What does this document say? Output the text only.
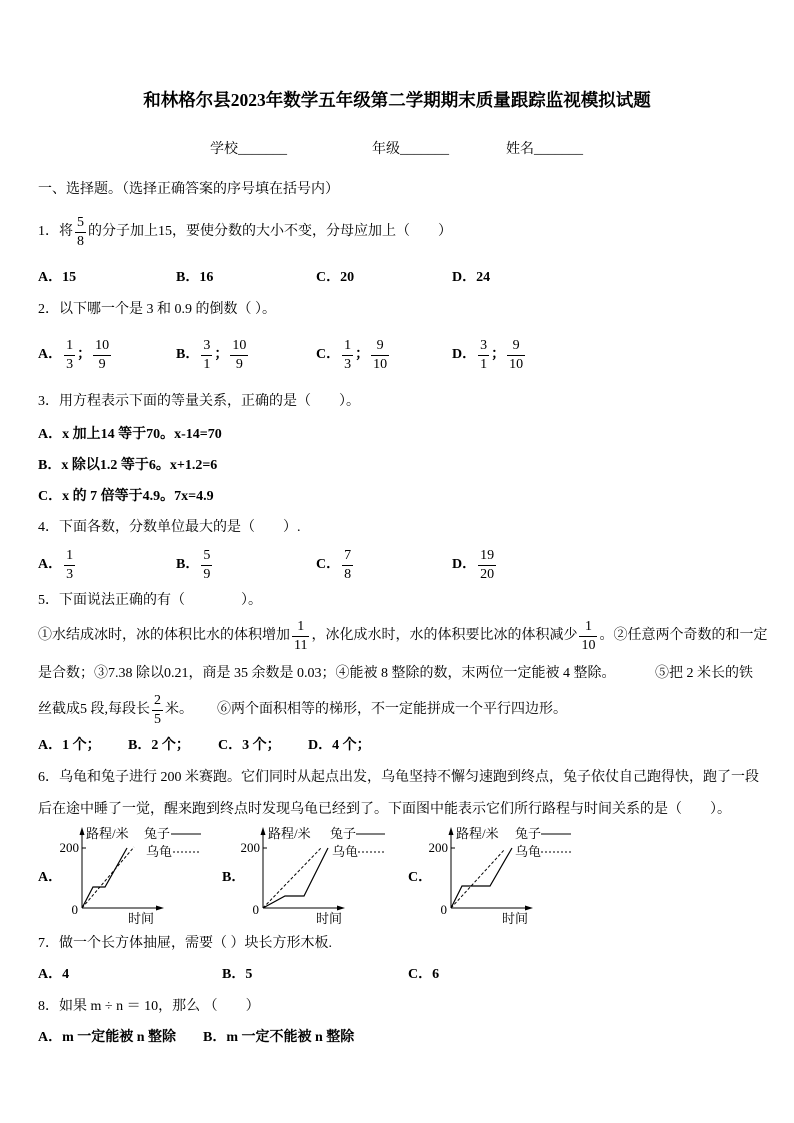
和林格尔县2023年数学五年级第二学期期末质量跟踪监视模拟试题
学校_______	年级_______	姓名_______
一、选择题。（选择正确答案的序号填在括号内）
1．将 $\frac{5}{8}$ 的分子加上15，要使分数的大小不变，分母应加上（　　）
A．15	B．16	C．20	D．24
2．以下哪一个是 3 和 0.9 的倒数（ ）。
A． $\frac{1}{3}$ ； $\frac{10}{9}$	B． $\frac{3}{1}$ ； $\frac{10}{9}$	C． $\frac{1}{3}$ ； $\frac{9}{10}$	D． $\frac{3}{1}$ ； $\frac{9}{10}$
3．用方程表示下面的等量关系，正确的是（　　）。
A．x 加上14 等于70。x-14=70
B．x 除以1.2 等于6。x+1.2=6
C．x 的 7 倍等于4.9。7x=4.9
4．下面各数，分数单位最大的是（　　）.
A． $\frac{1}{3}$	B． $\frac{5}{9}$	C． $\frac{7}{8}$	D． $\frac{19}{20}$
5．下面说法正确的有（　　　　）。
①水结成冰时，冰的体积比水的体积增加 $\frac{1}{11}$ ，冰化成水时，水的体积要比冰的体积减少 $\frac{1}{10}$ 。②任意两个奇数的和一定
是合数；③7.38 除以0.21，商是 35 余数是 0.03；④能被 8 整除的数，末两位一定能被 4 整除。	⑤把 2 米长的铁
丝截成5 段,每段长 $\frac{2}{5}$ 米。 ⑥两个面积相等的梯形，不一定能拼成一个平行四边形。
A．1 个； B．2 个； C．3 个； D．4 个；
6．乌龟和兔子进行 200 米赛跑。它们同时从起点出发，乌龟坚持不懈匀速跑到终点，兔子依仗自己跑得快，跑了一段
后在途中睡了一觉，醒来跑到终点时发现乌龟已经到了。下面图中能表示它们所行路程与时间关系的是（　　）。
A．
200
0
路程/米
时间
兔子
乌龟
B．
200
0
路程/米
时间
兔子
乌龟
C．
200
0
路程/米
时间
兔子
乌龟
7．做一个长方体抽屉，需要（ ）块长方形木板.
A．4	B．5	C．6
8．如果 m ÷ n ＝ 10，那么 （　　）
A．m 一定能被 n 整除 B．m 一定不能被 n 整除
